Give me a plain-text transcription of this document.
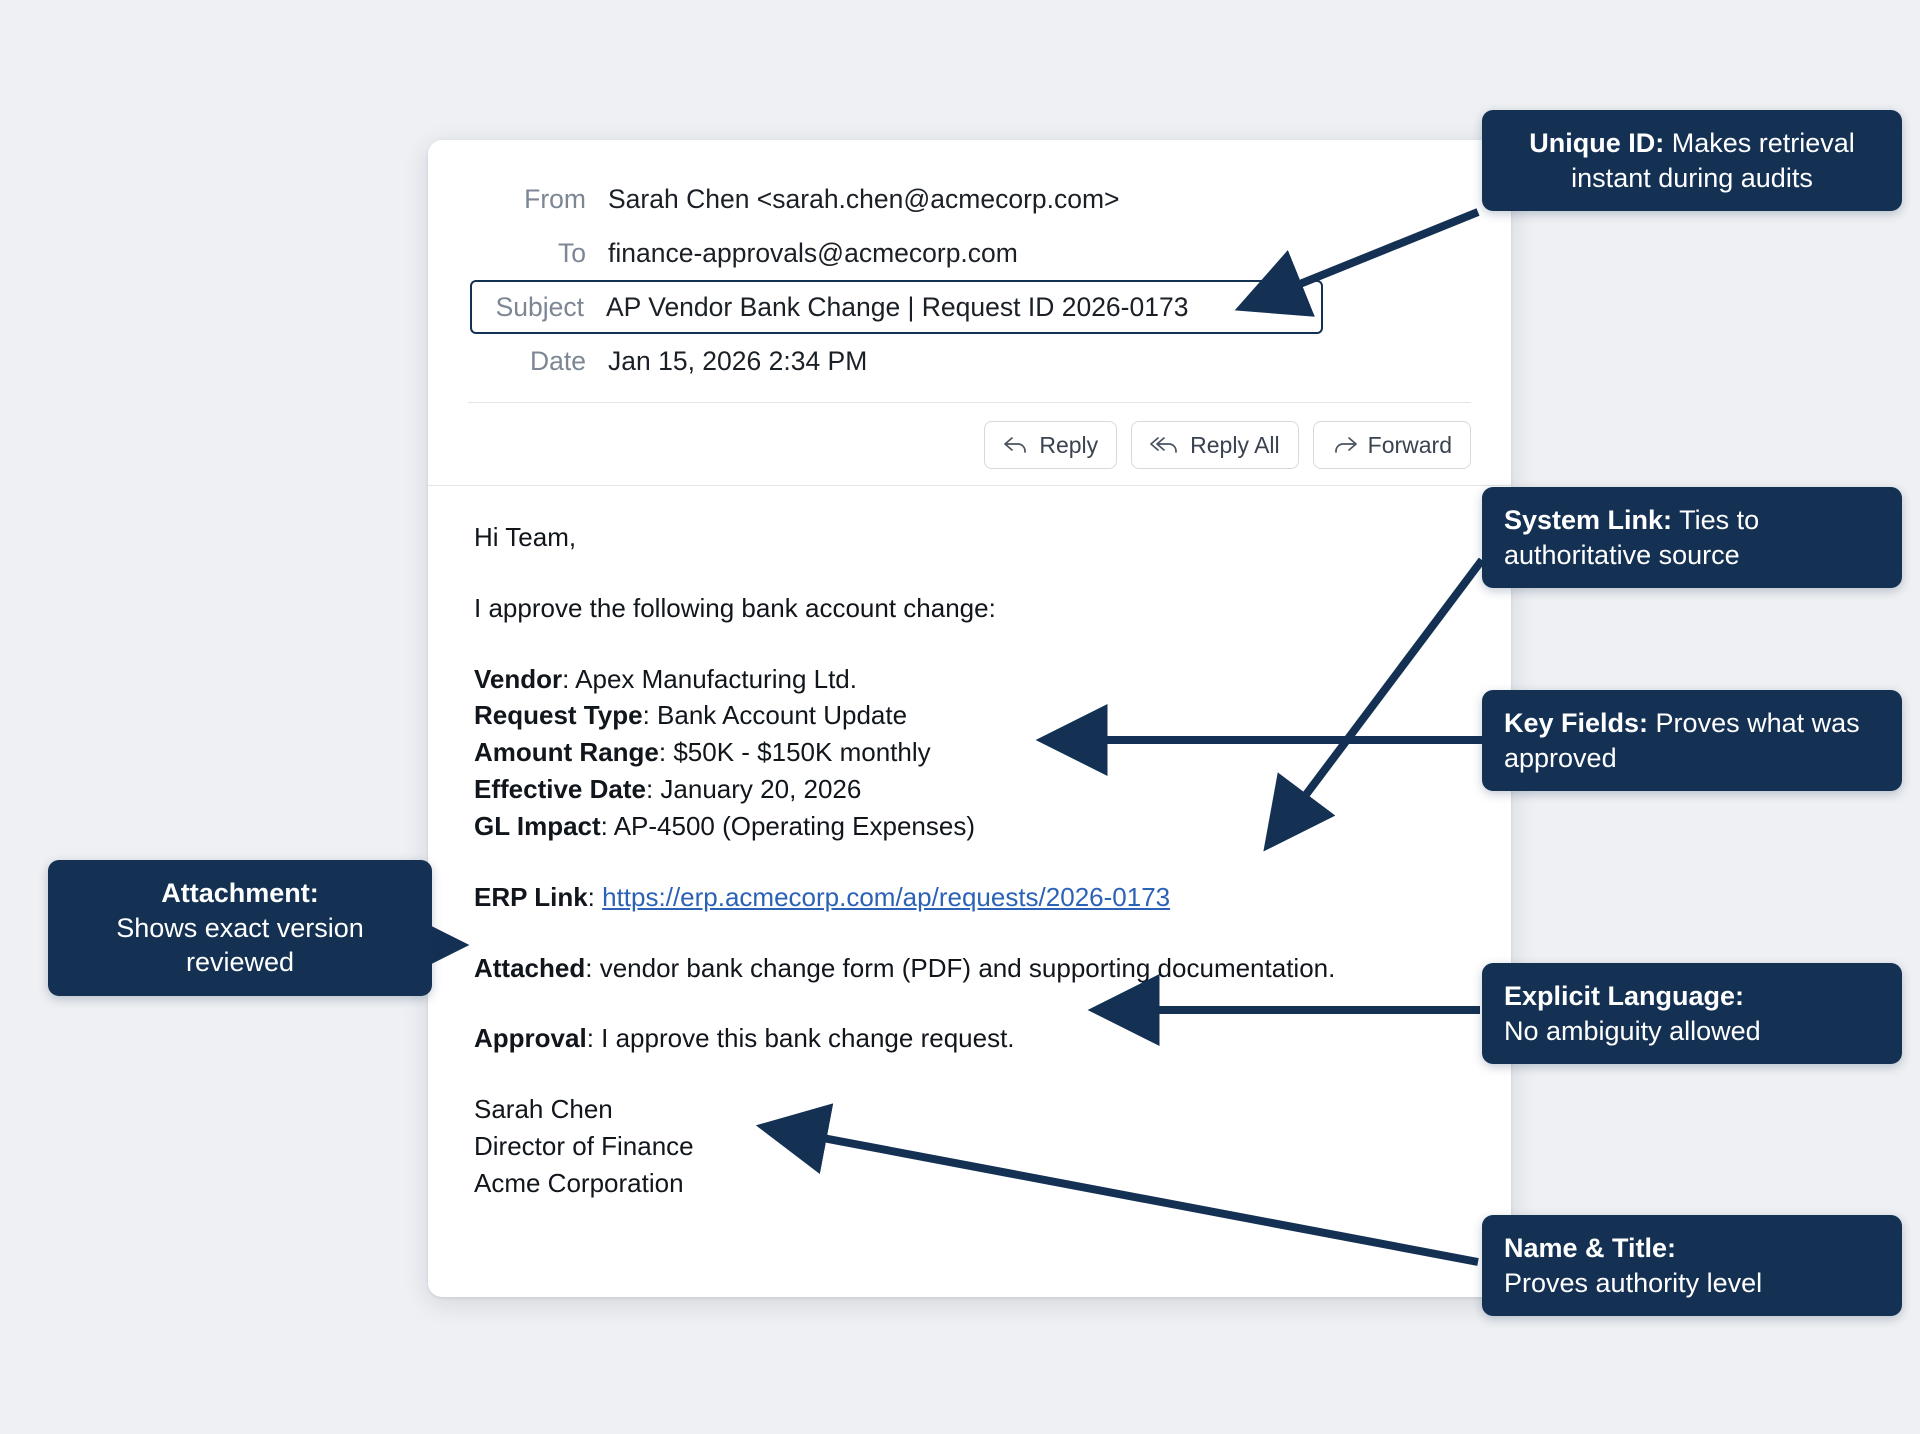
From Sarah Chen <sarah.chen@acmecorp.com>
To finance-approvals@acmecorp.com
Subject AP Vendor Bank Change | Request ID 2026-0173
Date Jan 15, 2026 2:34 PM
Reply	Reply All	Forward

Hi Team,

I approve the following bank account change:

Vendor: Apex Manufacturing Ltd.
Request Type: Bank Account Update
Amount Range: $50K - $150K monthly
Effective Date: January 20, 2026
GL Impact: AP-4500 (Operating Expenses)

ERP Link: https://erp.acmecorp.com/ap/requests/2026-0173

Attached: vendor bank change form (PDF) and supporting documentation.

Approval: I approve this bank change request.

Sarah Chen
Director of Finance
Acme Corporation
Unique ID: Makes retrieval instant during audits
System Link: Ties to authoritative source
Key Fields: Proves what was approved
Attachment:
Shows exact version reviewed
Explicit Language:
No ambiguity allowed
Name & Title:
Proves authority level
